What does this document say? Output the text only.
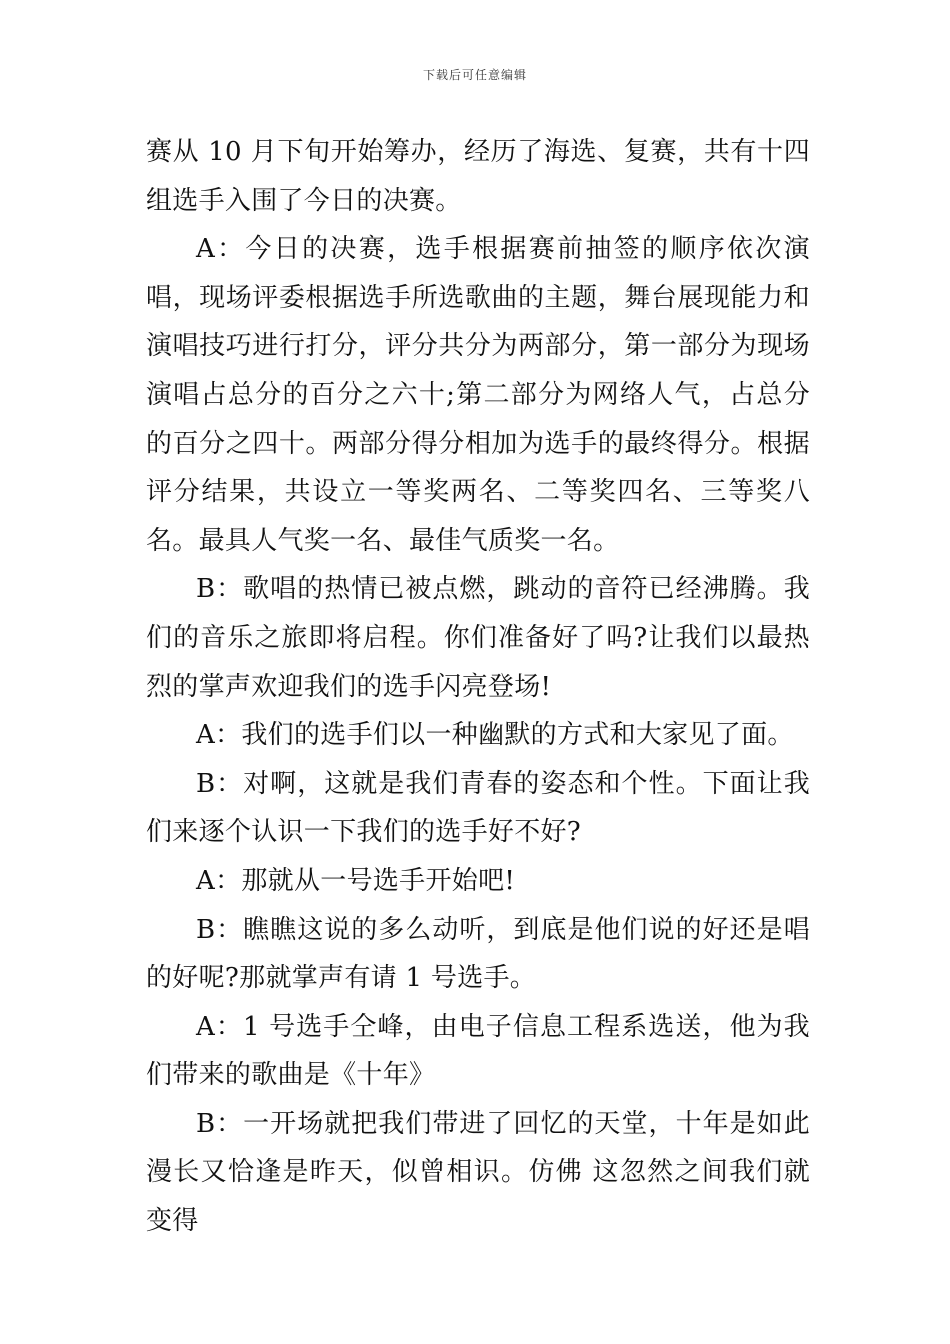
下载后可任意编辑

赛从 10 月下旬开始筹办，经历了海选、复赛，共有十四组选手入围了今日的决赛。

A：今日的决赛，选手根据赛前抽签的顺序依次演唱，现场评委根据选手所选歌曲的主题，舞台展现能力和演唱技巧进行打分，评分共分为两部分，第一部分为现场演唱占总分的百分之六十;第二部分为网络人气，占总分的百分之四十。两部分得分相加为选手的最终得分。根据评分结果，共设立一等奖两名、二等奖四名、三等奖八名。最具人气奖一名、最佳气质奖一名。

B：歌唱的热情已被点燃，跳动的音符已经沸腾。我们的音乐之旅即将启程。你们准备好了吗?让我们以最热烈的掌声欢迎我们的选手闪亮登场!

A：我们的选手们以一种幽默的方式和大家见了面。

B：对啊，这就是我们青春的姿态和个性。下面让我们来逐个认识一下我们的选手好不好?

A：那就从一号选手开始吧!

B：瞧瞧这说的多么动听，到底是他们说的好还是唱的好呢?那就掌声有请 1 号选手。

A：1 号选手仝峰，由电子信息工程系选送，他为我们带来的歌曲是《十年》

B：一开场就把我们带进了回忆的天堂，十年是如此漫长又恰逢是昨天，似曾相识。仿佛 这忽然之间我们就变得
